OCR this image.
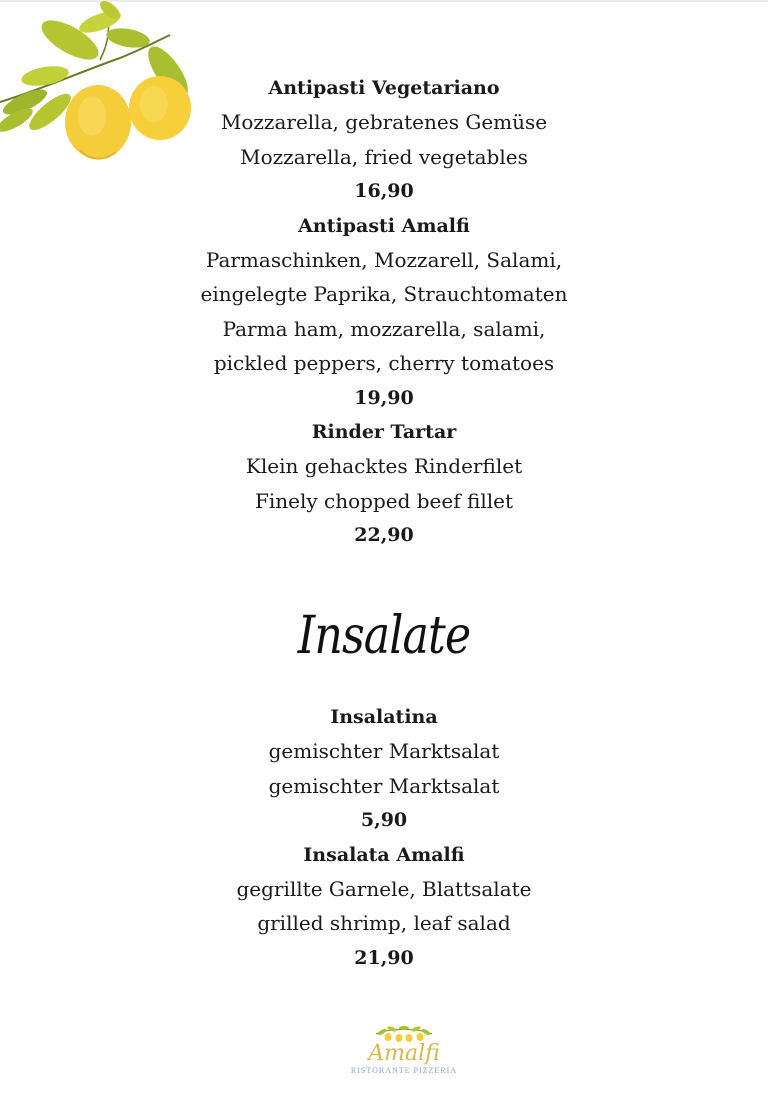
Antipasti Vegetariano
Mozzarella, gebratenes Gemüse
Mozzarella, fried vegetables
16,90
Antipasti Amalfi
Parmaschinken, Mozzarell, Salami,
eingelegte Paprika, Strauchtomaten
Parma ham, mozzarella, salami,
pickled peppers, cherry tomatoes
19,90
Rinder Tartar
Klein gehacktes Rinderfilet
Finely chopped beef fillet
22,90
Insalate
Insalatina
gemischter Marktsalat
gemischter Marktsalat
5,90
Insalata Amalfi
gegrillte Garnele, Blattsalate
grilled shrimp, leaf salad
21,90
Amalfi
RISTORANTE PIZZERIA
